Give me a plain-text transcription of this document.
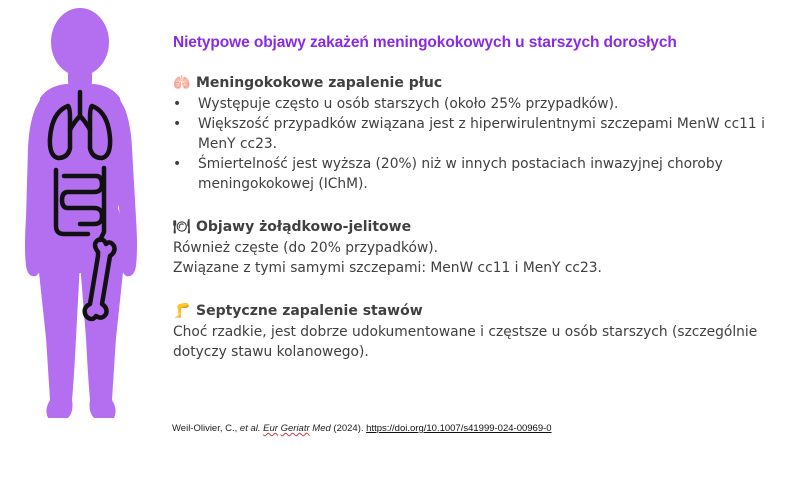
Nietypowe objawy zakażeń meningokokowych u starszych dorosłych
🫁 Meningokokowe zapalenie płuc
• Występuje często u osób starszych (około 25% przypadków).
• Większość przypadków związana jest z hiperwirulentnymi szczepami MenW cc11 i MenY cc23.
• Śmiertelność jest wyższa (20%) niż w innych postaciach inwazyjnej choroby meningokokowej (IChM).
🍽 Objawy żołądkowo-jelitowe

Również częste (do 20% przypadków).

Związane z tymi samymi szczepami: MenW cc11 i MenY cc23.

🦵 Septyczne zapalenie stawów

Choć rzadkie, jest dobrze udokumentowane i częstsze u osób starszych (szczególnie dotyczy stawu kolanowego).

Weil-Olivier, C., et al. Eur Geriatr Med (2024). https://doi.org/10.1007/s41999-024-00969-0
